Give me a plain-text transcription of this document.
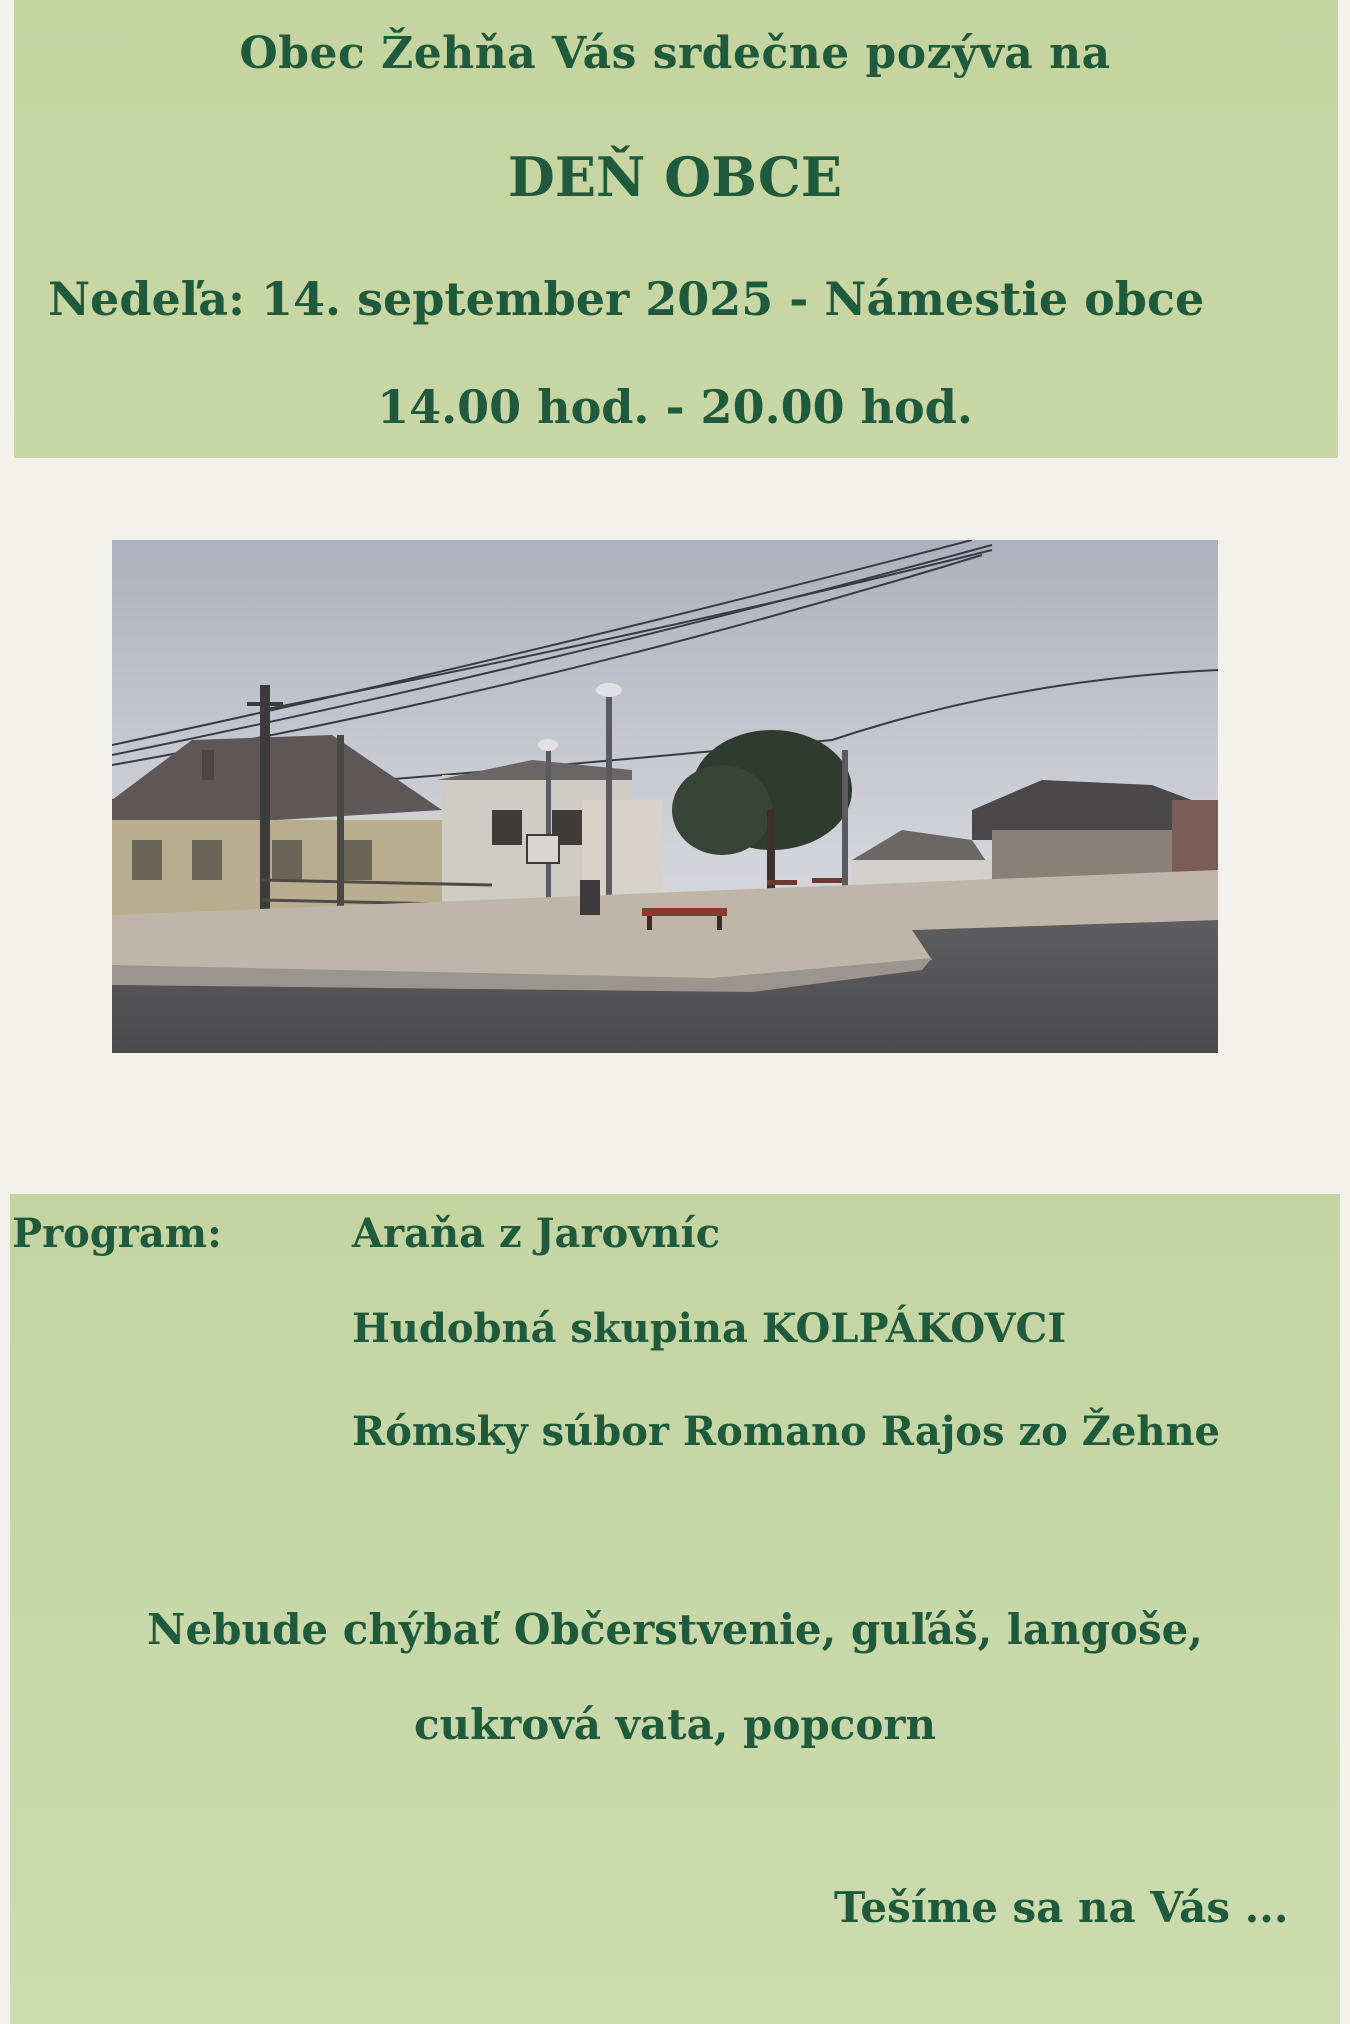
Obec Žehňa Vás srdečne pozýva na
DEŇ OBCE
Nedeľa: 14. september 2025 - Námestie obce
14.00 hod. - 20.00 hod.
Program:	Araňa z Jarovníc
Hudobná skupina KOLPÁKOVCI
Rómsky súbor Romano Rajos zo Žehne
Nebude chýbať Občerstvenie, guľáš, langoše,
cukrová vata, popcorn
Tešíme sa na Vás ...
